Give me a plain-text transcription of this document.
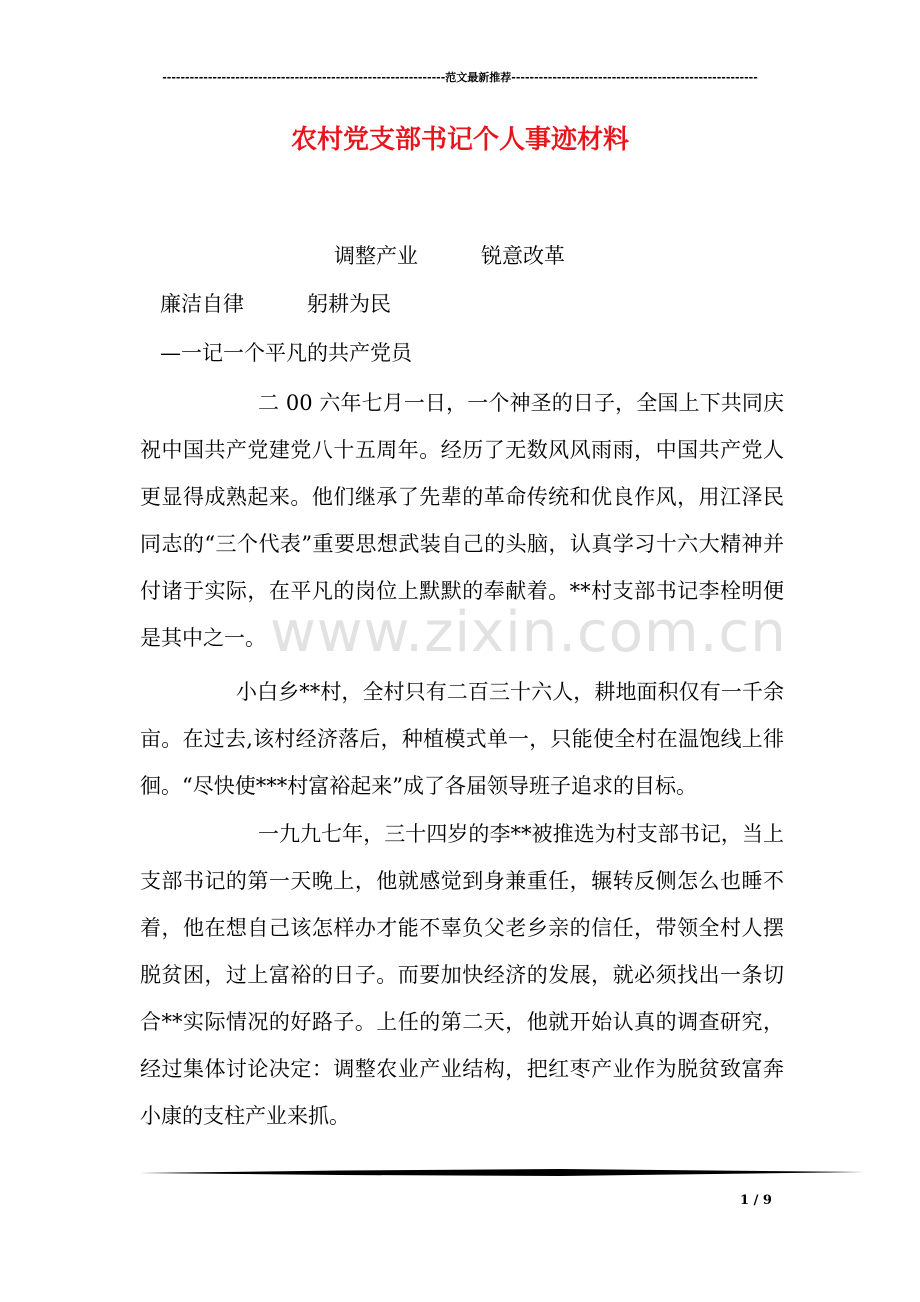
--------------------------------------------------------------范文最新推荐------------------------------------------------------
农村党支部书记个人事迹材料
调整产业　　　锐意改革
廉洁自律　　　躬耕为民
—一记一个平凡的共产党员
二 00 六年七月一日，一个神圣的日子，全国上下共同庆祝中国共产党建党八十五周年。经历了无数风风雨雨，中国共产党人更显得成熟起来。他们继承了先辈的革命传统和优良作风，用江泽民同志的“三个代表”重要思想武装自己的头脑，认真学习十六大精神并付诸于实际，在平凡的岗位上默默的奉献着。**村支部书记李栓明便是其中之一。
小白乡**村，全村只有二百三十六人，耕地面积仅有一千余亩。在过去,该村经济落后，种植模式单一，只能使全村在温饱线上徘徊。“尽快使***村富裕起来”成了各届领导班子追求的目标。
一九九七年，三十四岁的李**被推选为村支部书记，当上支部书记的第一天晚上，他就感觉到身兼重任，辗转反侧怎么也睡不着，他在想自己该怎样办才能不辜负父老乡亲的信任，带领全村人摆脱贫困，过上富裕的日子。而要加快经济的发展，就必须找出一条切合**实际情况的好路子。上任的第二天，他就开始认真的调查研究，经过集体讨论决定：调整农业产业结构，把红枣产业作为脱贫致富奔小康的支柱产业来抓。
www.zixin.com.cn
1 / 9
